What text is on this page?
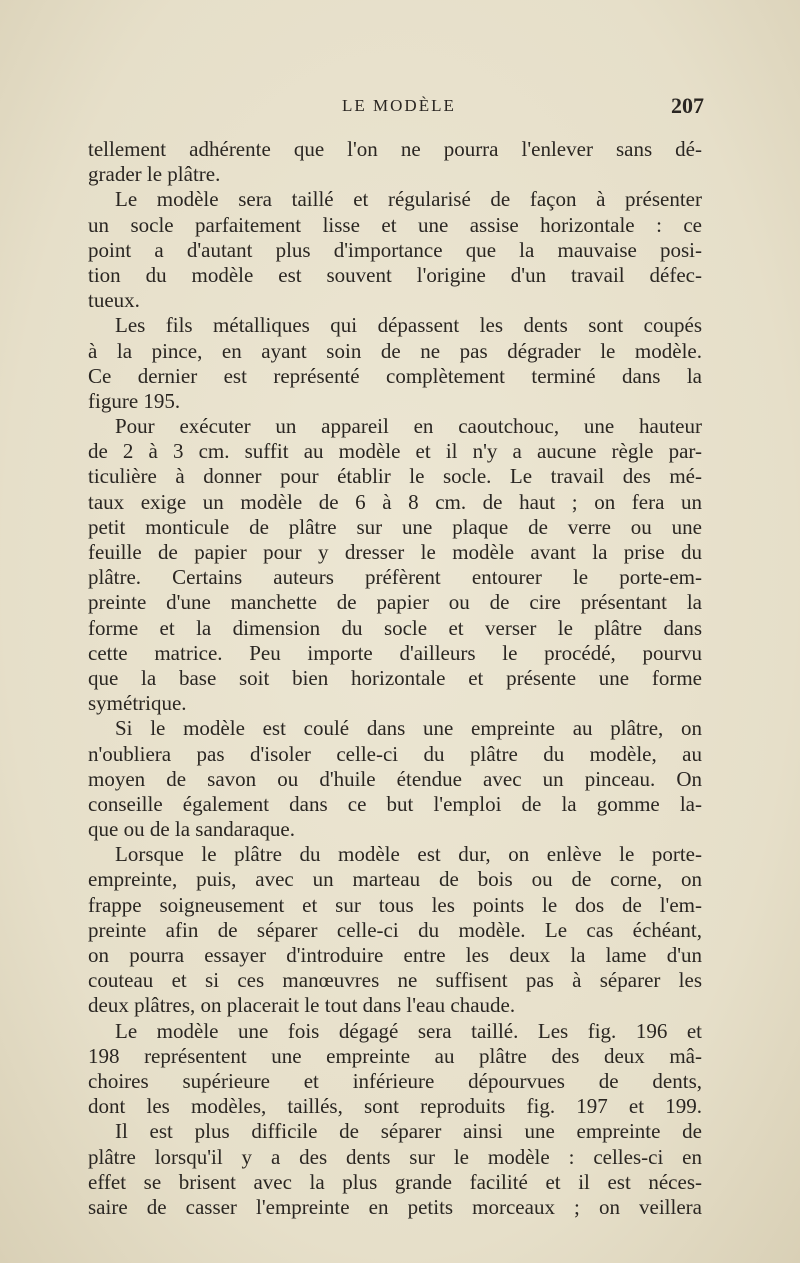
LE MODÈLE	207
tellement adhérente que l'on ne pourra l'enlever sans dé-
grader le plâtre.
Le modèle sera taillé et régularisé de façon à présenter
un socle parfaitement lisse et une assise horizontale : ce
point a d'autant plus d'importance que la mauvaise posi-
tion du modèle est souvent l'origine d'un travail défec-
tueux.
Les fils métalliques qui dépassent les dents sont coupés
à la pince, en ayant soin de ne pas dégrader le modèle.
Ce dernier est représenté complètement terminé dans la
figure 195.
Pour exécuter un appareil en caoutchouc, une hauteur
de 2 à 3 cm. suffit au modèle et il n'y a aucune règle par-
ticulière à donner pour établir le socle. Le travail des mé-
taux exige un modèle de 6 à 8 cm. de haut ; on fera un
petit monticule de plâtre sur une plaque de verre ou une
feuille de papier pour y dresser le modèle avant la prise du
plâtre. Certains auteurs préfèrent entourer le porte-em-
preinte d'une manchette de papier ou de cire présentant la
forme et la dimension du socle et verser le plâtre dans
cette matrice. Peu importe d'ailleurs le procédé, pourvu
que la base soit bien horizontale et présente une forme
symétrique.
Si le modèle est coulé dans une empreinte au plâtre, on
n'oubliera pas d'isoler celle-ci du plâtre du modèle, au
moyen de savon ou d'huile étendue avec un pinceau. On
conseille également dans ce but l'emploi de la gomme la-
que ou de la sandaraque.
Lorsque le plâtre du modèle est dur, on enlève le porte-
empreinte, puis, avec un marteau de bois ou de corne, on
frappe soigneusement et sur tous les points le dos de l'em-
preinte afin de séparer celle-ci du modèle. Le cas échéant,
on pourra essayer d'introduire entre les deux la lame d'un
couteau et si ces manœuvres ne suffisent pas à séparer les
deux plâtres, on placerait le tout dans l'eau chaude.
Le modèle une fois dégagé sera taillé. Les fig. 196 et
198 représentent une empreinte au plâtre des deux mâ-
choires supérieure et inférieure dépourvues de dents,
dont les modèles, taillés, sont reproduits fig. 197 et 199.
Il est plus difficile de séparer ainsi une empreinte de
plâtre lorsqu'il y a des dents sur le modèle : celles-ci en
effet se brisent avec la plus grande facilité et il est néces-
saire de casser l'empreinte en petits morceaux ; on veillera
